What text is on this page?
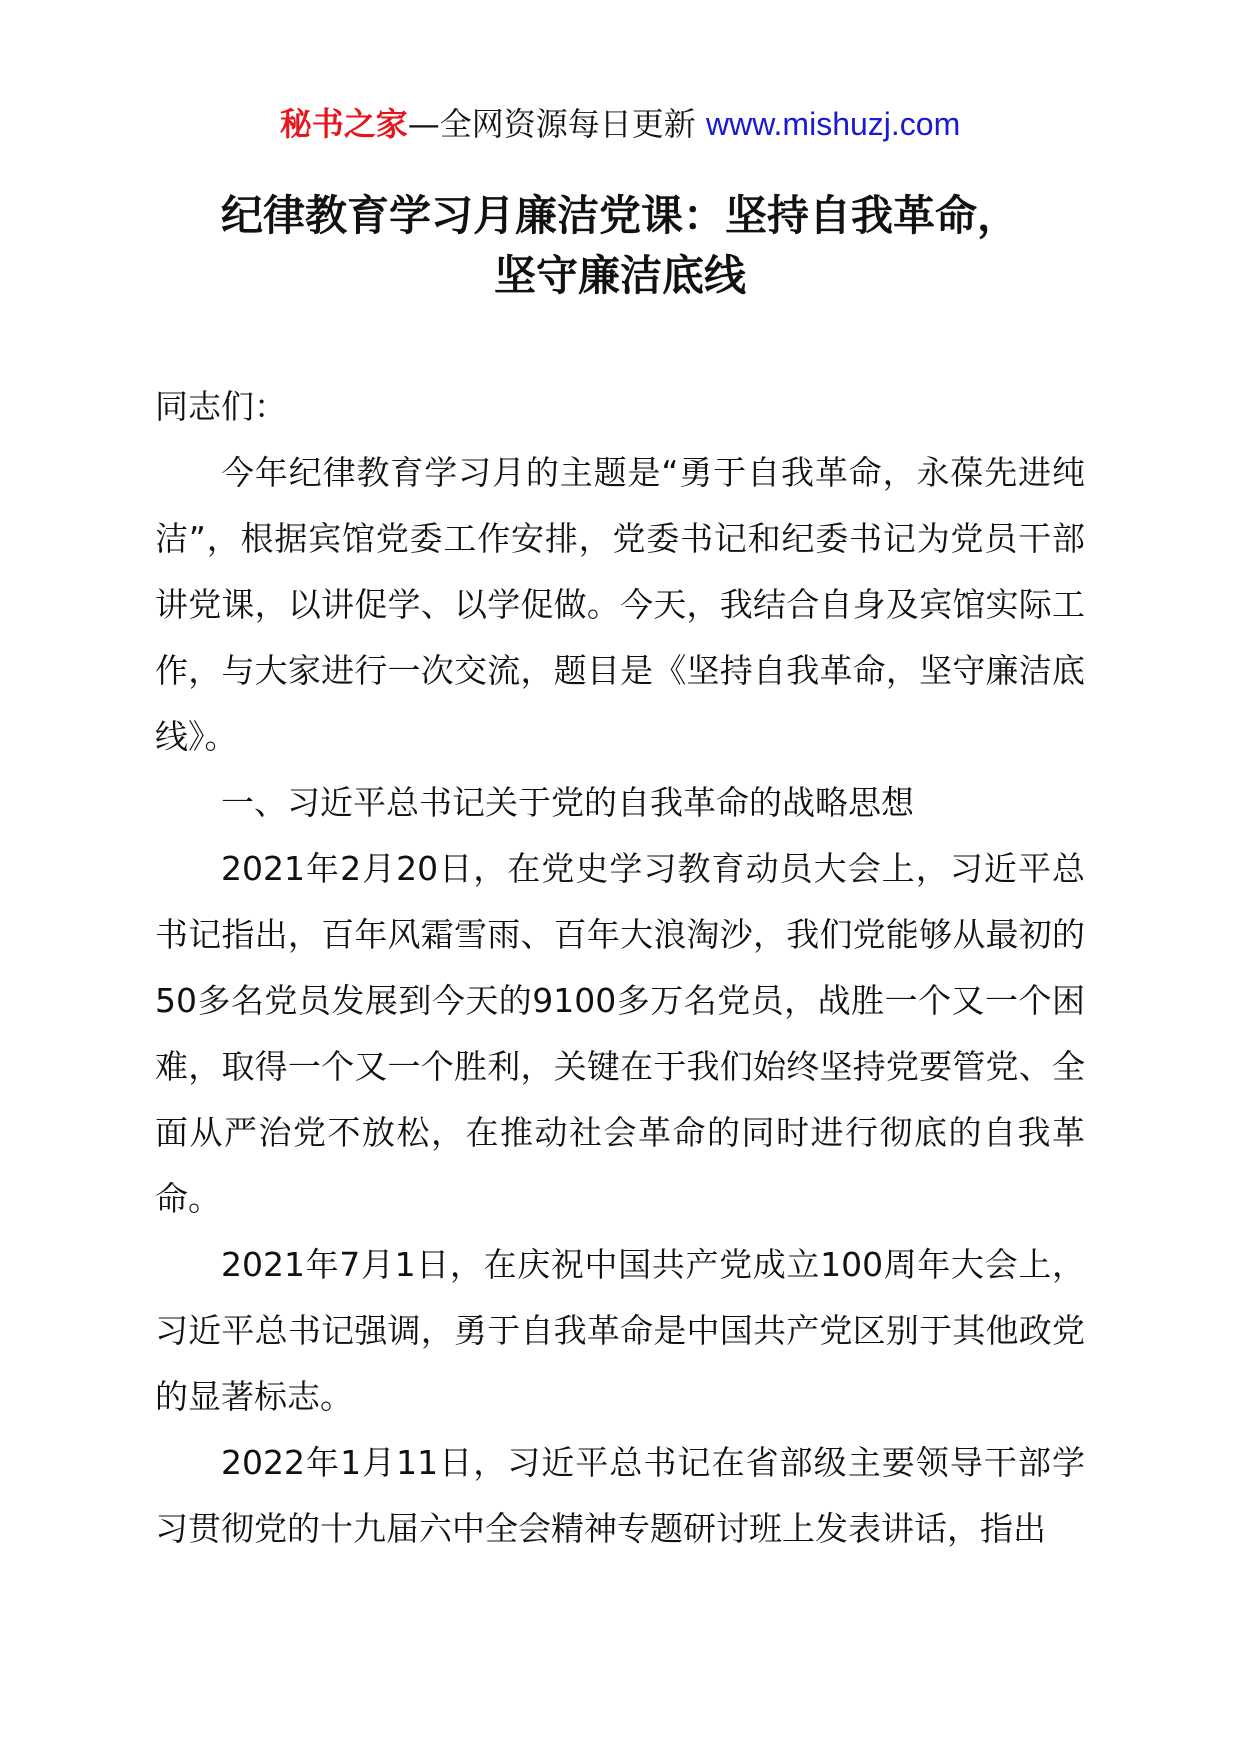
秘书之家—全网资源每日更新 www.mishuzj.com
纪律教育学习月廉洁党课：坚持自我革命，
坚守廉洁底线

同志们：

今年纪律教育学习月的主题是“勇于自我革命，永葆先进纯洁”，根据宾馆党委工作安排，党委书记和纪委书记为党员干部讲党课，以讲促学、以学促做。今天，我结合自身及宾馆实际工作，与大家进行一次交流，题目是《坚持自我革命，坚守廉洁底线》。

一、习近平总书记关于党的自我革命的战略思想

2021年2月20日，在党史学习教育动员大会上，习近平总书记指出，百年风霜雪雨、百年大浪淘沙，我们党能够从最初的50多名党员发展到今天的9100多万名党员，战胜一个又一个困难，取得一个又一个胜利，关键在于我们始终坚持党要管党、全面从严治党不放松，在推动社会革命的同时进行彻底的自我革命。

2021年7月1日，在庆祝中国共产党成立100周年大会上，习近平总书记强调，勇于自我革命是中国共产党区别于其他政党的显著标志。

2022年1月11日，习近平总书记在省部级主要领导干部学习贯彻党的十九届六中全会精神专题研讨班上发表讲话，指出
